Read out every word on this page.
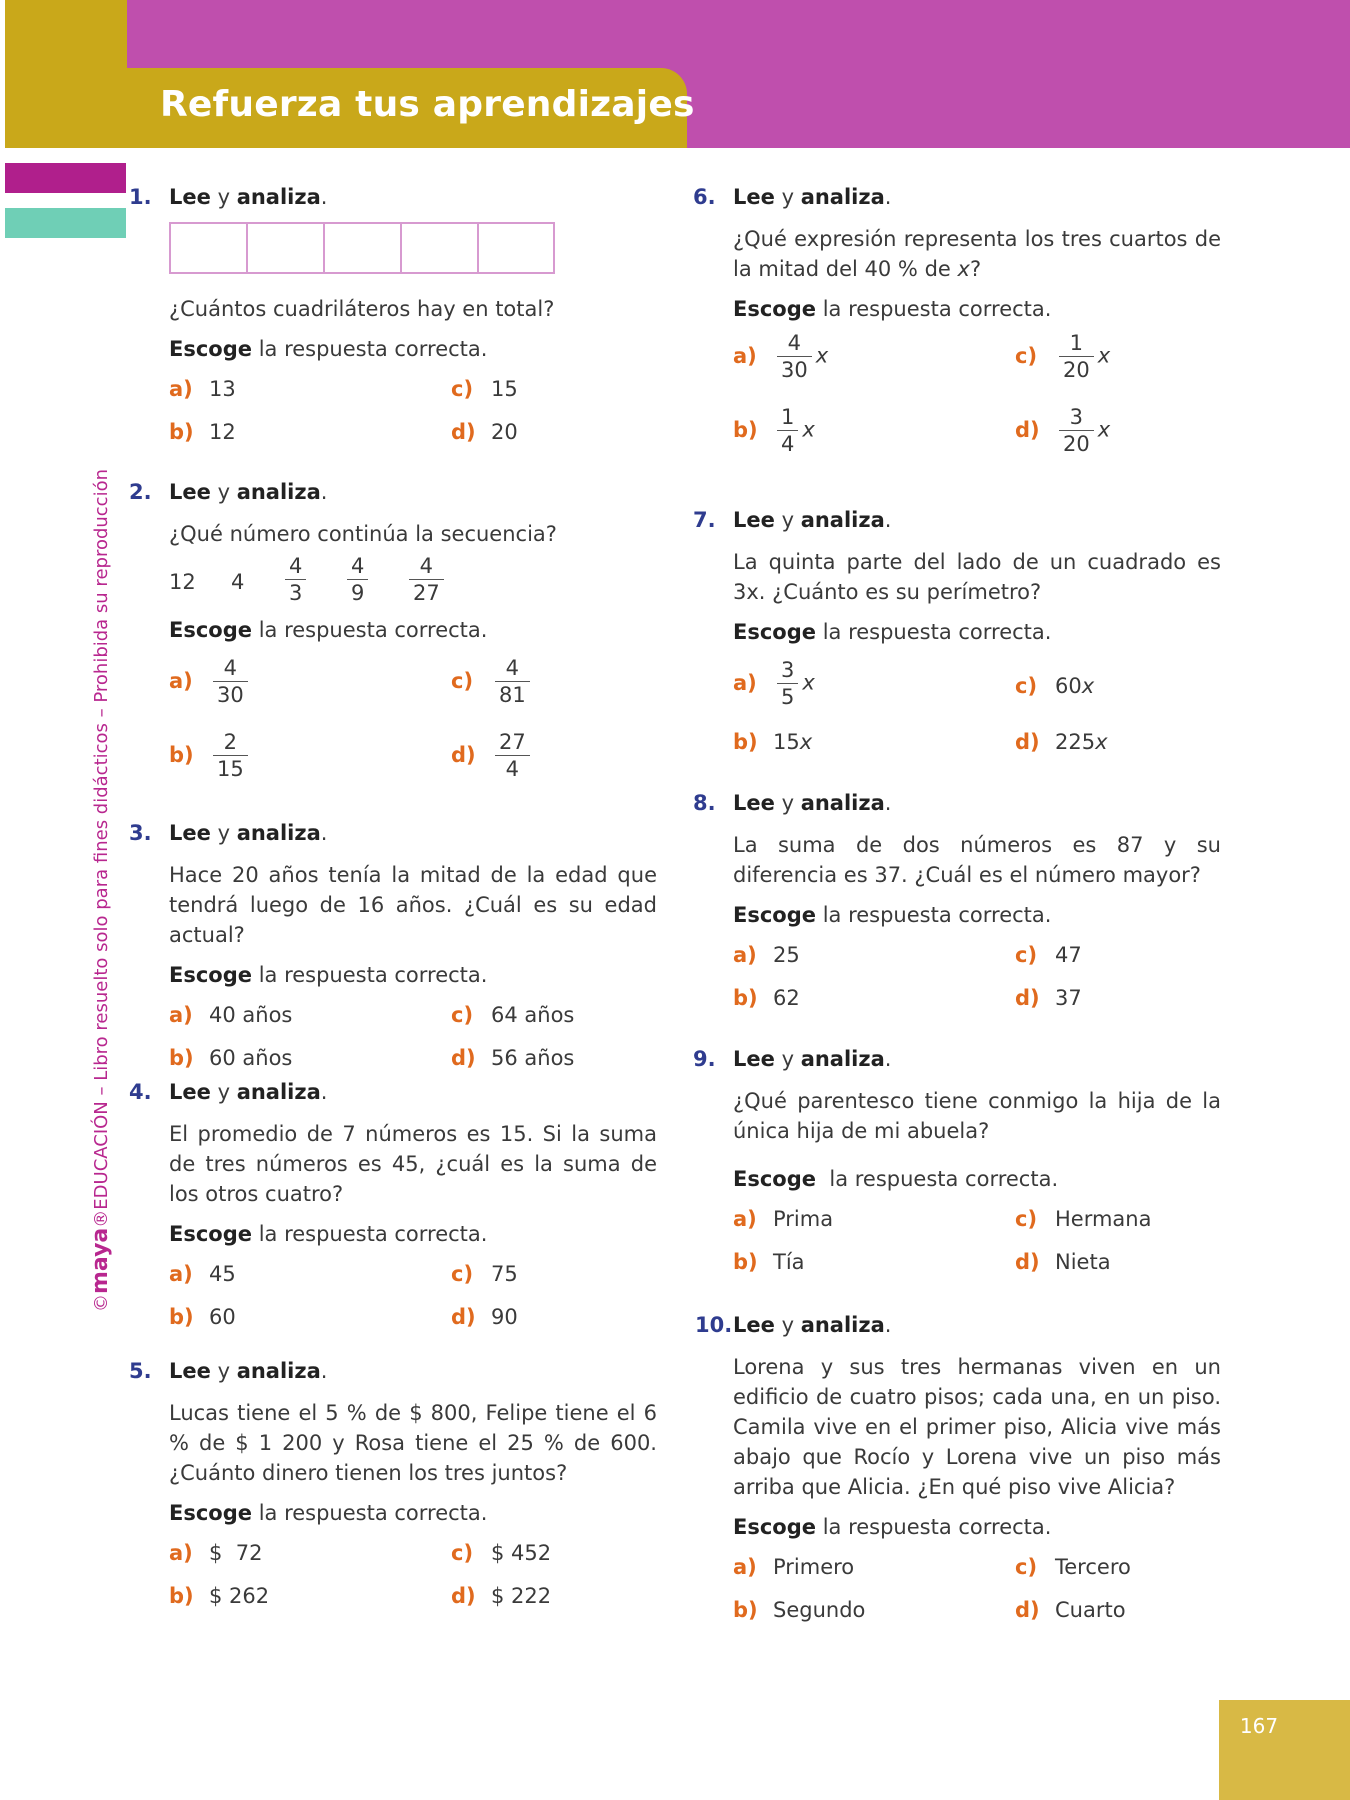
Refuerza tus aprendizajes
©maya®EDUCACIÓN – Libro resuelto solo para fines didácticos – Prohibida su reproducción
1. Lee y analiza.
¿Cuántos cuadriláteros hay en total?
Escoge la respuesta correcta.
a) 13	c) 15
b) 12	d) 20
2. Lee y analiza.
¿Qué número continúa la secuencia?
12 $4 \frac{4}{3} \frac{4}{9} \frac{4}{27}$
Escoge la respuesta correcta.
$a) \frac{4}{30}$	$c) \frac{4}{81}$
$b) \frac{2}{15}$	$d) \frac{27}{4}$
3. Lee y analiza.
Hace 20 años tenía la mitad de la edad que tendrá luego de 16 años. ¿Cuál es su edad actual?
Escoge la respuesta correcta.
a) 40 años	c) 64 años
b) 60 años	d) 56 años
4. Lee y analiza.
El promedio de 7 números es 15. Si la suma de tres números es 45, ¿cuál es la suma de los otros cuatro?
Escoge la respuesta correcta.
a) 45	c) 75
b) 60	d) 90
5. Lee y analiza.
Lucas tiene el 5 % de $ 800, Felipe tiene el 6 % de $ 1 200 y Rosa tiene el 25 % de 600. ¿Cuánto dinero tienen los tres juntos?
Escoge la respuesta correcta.
a) $  72	c) $ 452
b) $ 262	d) $ 222
6. Lee y analiza.
¿Qué expresión representa los tres cuartos de la mitad del 40 % de x?
Escoge la respuesta correcta.
$a) \frac{4}{30}$ x	$c) \frac{1}{20}$ x
$b) \frac{1}{4}$ x	$d) \frac{3}{20}$ x
7. Lee y analiza.
La quinta parte del lado de un cuadrado es 3x. ¿Cuánto es su perímetro?
Escoge la respuesta correcta.
$a) \frac{3}{5}$ x	c) 60x
b) 15x	d) 225x
8. Lee y analiza.
La suma de dos números es 87 y su diferencia es 37. ¿Cuál es el número mayor?
Escoge la respuesta correcta.
a) 25	c) 47
b) 62	d) 37
9. Lee y analiza.
¿Qué parentesco tiene conmigo la hija de la única hija de mi abuela?
Escoge la respuesta correcta.
a) Prima	c) Hermana
b) Tía	d) Nieta
10. Lee y analiza.
Lorena y sus tres hermanas viven en un edificio de cuatro pisos; cada una, en un piso. Camila vive en el primer piso, Alicia vive más abajo que Rocío y Lorena vive un piso más arriba que Alicia. ¿En qué piso vive Alicia?
Escoge la respuesta correcta.
a) Primero	c) Tercero
b) Segundo	d) Cuarto
167
